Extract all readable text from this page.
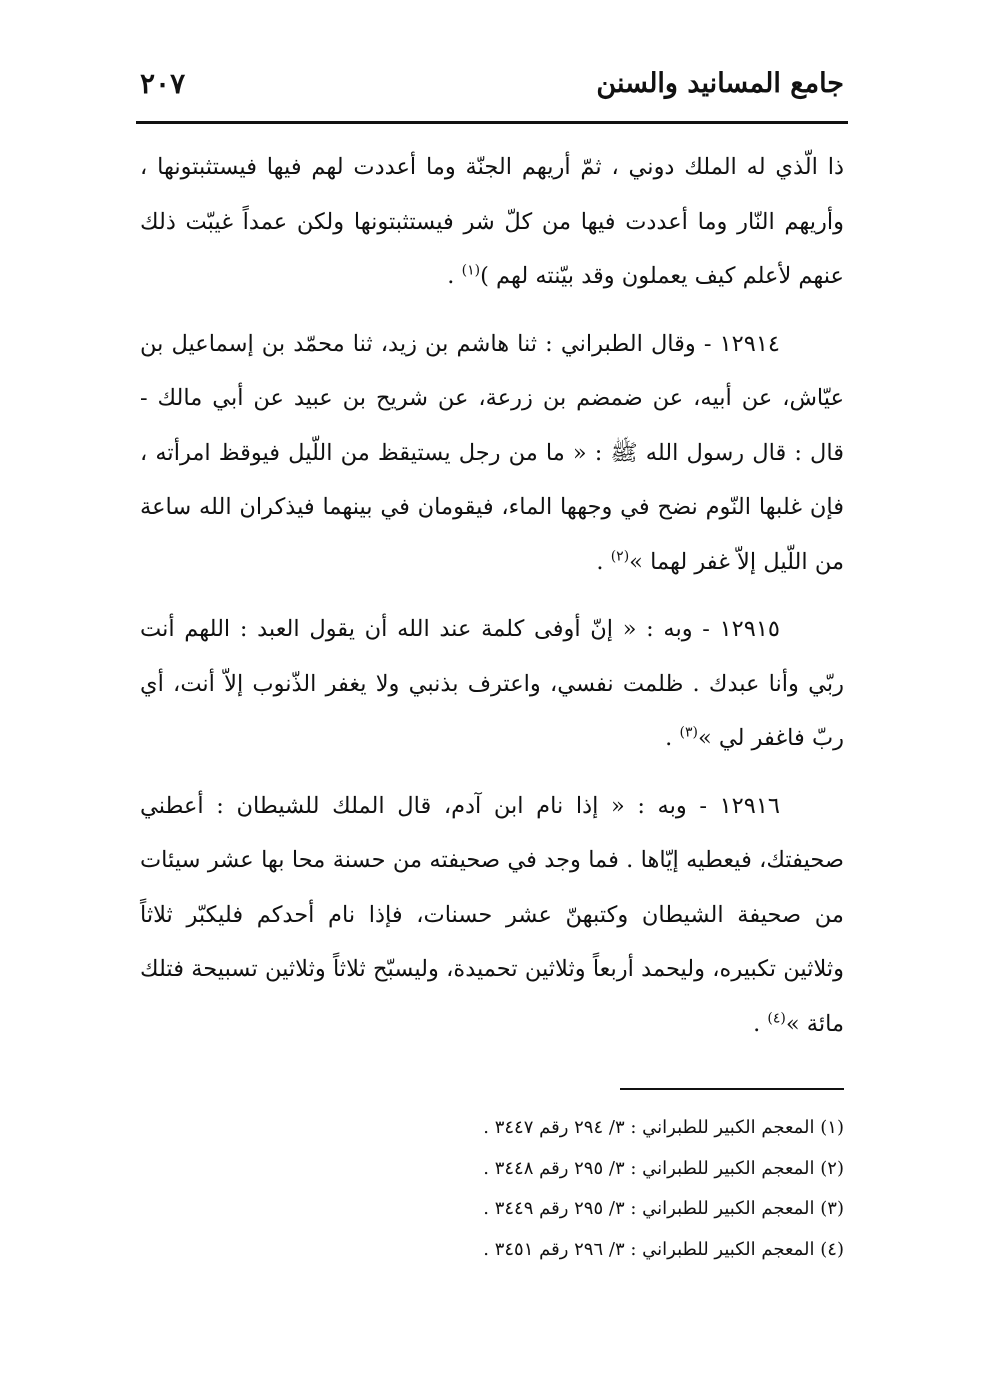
جامع المسانيد والسنن
٢٠٧

ذا الّذي له الملك دوني ، ثمّ أريهم الجنّة وما أعددت لهم فيها فيستثبتونها ، وأريهم النّار وما أعددت فيها من كلّ شر فيستثبتونها ولكن عمداً غيبّت ذلك عنهم لأعلم كيف يعملون وقد بيّنته لهم )$^{(١)}$ .

١٢٩١٤ - وقال الطبراني : ثنا هاشم بن زيد، ثنا محمّد بن إسماعيل بن عيّاش، عن أبيه، عن ضمضم بن زرعة، عن شريح بن عبيد عن أبي مالك - قال : قال رسول الله ﷺ : « ما من رجل يستيقظ من اللّيل فيوقظ امرأته ، فإن غلبها النّوم نضح في وجهها الماء، فيقومان في بينهما فيذكران الله ساعة من اللّيل إلاّ غفر لهما »$^{(٢)}$ .

١٢٩١٥ - وبه : « إنّ أوفى كلمة عند الله أن يقول العبد : اللهم أنت ربّي وأنا عبدك . ظلمت نفسي، واعترف بذنبي ولا يغفر الذّنوب إلاّ أنت، أي ربّ فاغفر لي »$^{(٣)}$ .

١٢٩١٦ - وبه : « إذا نام ابن آدم، قال الملك للشيطان : أعطني صحيفتك، فيعطيه إيّاها . فما وجد في صحيفته من حسنة محا بها عشر سيئات من صحيفة الشيطان وكتبهنّ عشر حسنات، فإذا نام أحدكم فليكبّر ثلاثاً وثلاثين تكبيره، وليحمد أربعاً وثلاثين تحميدة، وليسبّح ثلاثاً وثلاثين تسبيحة فتلك مائة »$^{(٤)}$ .

(١) المعجم الكبير للطبراني : ٣/ ٢٩٤ رقم ٣٤٤٧ .
(٢) المعجم الكبير للطبراني : ٣/ ٢٩٥ رقم ٣٤٤٨ .
(٣) المعجم الكبير للطبراني : ٣/ ٢٩٥ رقم ٣٤٤٩ .
(٤) المعجم الكبير للطبراني : ٣/ ٢٩٦ رقم ٣٤٥١ .
